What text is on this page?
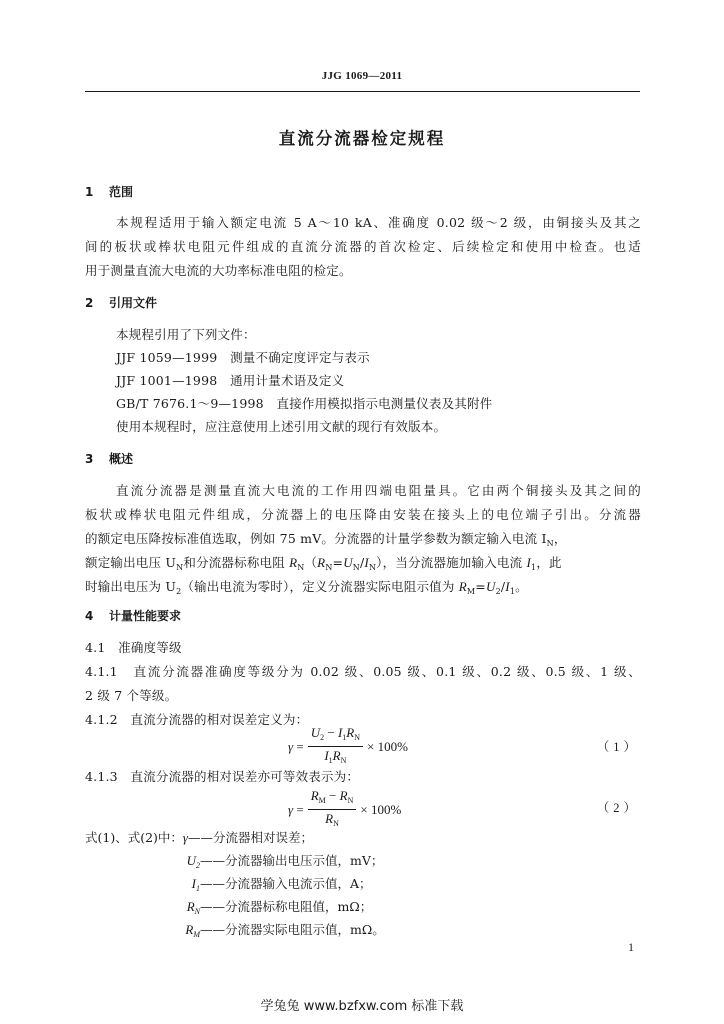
JJG 1069—2011
直流分流器检定规程
1 范围
本规程适用于输入额定电流 5 A～10 kA、准确度 0.02 级～2 级，由铜接头及其之
间的板状或棒状电阻元件组成的直流分流器的首次检定、后续检定和使用中检查。也适
用于测量直流大电流的大功率标准电阻的检定。
2 引用文件
本规程引用了下列文件：
JJF 1059—1999　测量不确定度评定与表示
JJF 1001—1998　通用计量术语及定义
GB/T 7676.1～9—1998　直接作用模拟指示电测量仪表及其附件
使用本规程时，应注意使用上述引用文献的现行有效版本。
3 概述
直流分流器是测量直流大电流的工作用四端电阻量具。它由两个铜接头及其之间的
板状或棒状电阻元件组成，分流器上的电压降由安装在接头上的电位端子引出。分流器
的额定电压降按标准值选取，例如 75 mV。分流器的计量学参数为额定输入电流 $I_N$，
额定输出电压 $U_N$和分流器标称电阻 $R_N(R_N=U_N/I_N)$，当分流器施加输入电流 $I_1$，此
时输出电压为 $U_2$（输出电流为零时），定义分流器实际电阻示值为 $R_M=U_2/I_1$。
4 计量性能要求
4.1　准确度等级
4.1.1　直流分流器准确度等级分为 0.02 级、0.05 级、0.1 级、0.2 级、0.5 级、1 级、
2 级 7 个等级。
4.1.2　直流分流器的相对误差定义为：
$\gamma = \frac{U_2 - I_1R_N}{I_1R_N} \times 100\%$	（1）
4.1.3　直流分流器的相对误差亦可等效表示为：
$\gamma = \frac{R_M - R_N}{R_N} \times 100\%$	（2）
式(1)、式(2)中：γ——分流器相对误差；
$U_2——$分流器输出电压示值，mV；
$I_1——$分流器输入电流示值，A；
$R_N——$分流器标称电阻值，mΩ；
$R_M——$分流器实际电阻示值，mΩ。
1
学兔兔 www.bzfxw.com 标准下载
